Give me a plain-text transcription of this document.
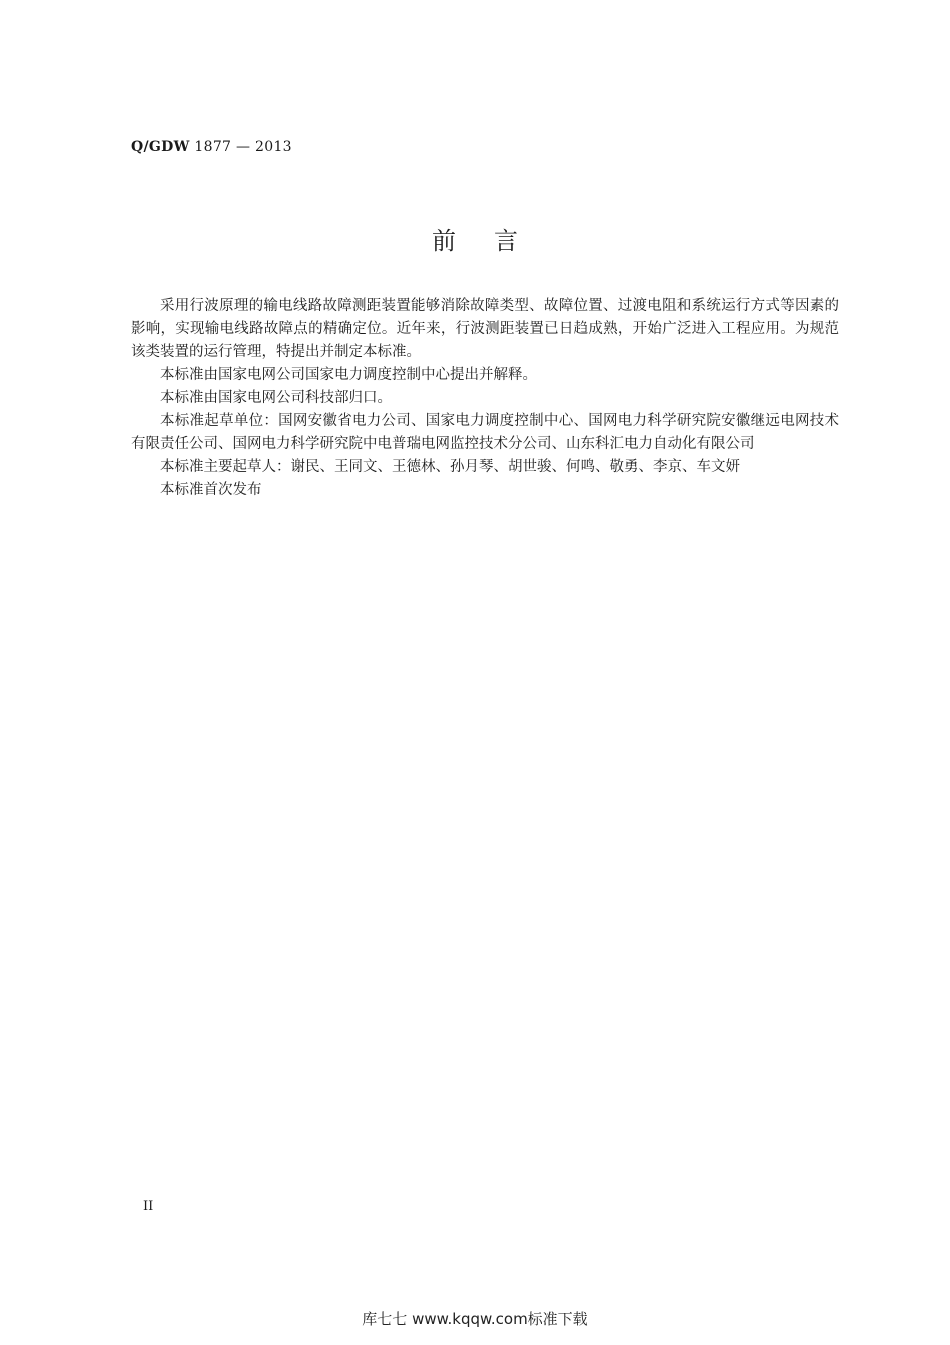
Q/GDW 1877 — 2013
前言

采用行波原理的输电线路故障测距装置能够消除故障类型、故障位置、过渡电阻和系统运行方式等因素的影响，实现输电线路故障点的精确定位。近年来，行波测距装置已日趋成熟，开始广泛进入工程应用。为规范该类装置的运行管理，特提出并制定本标准。

本标准由国家电网公司国家电力调度控制中心提出并解释。

本标准由国家电网公司科技部归口。

本标准起草单位：国网安徽省电力公司、国家电力调度控制中心、国网电力科学研究院安徽继远电网技术有限责任公司、国网电力科学研究院中电普瑞电网监控技术分公司、山东科汇电力自动化有限公司

本标准主要起草人：谢民、王同文、王德林、孙月琴、胡世骏、何鸣、敬勇、李京、车文妍

本标准首次发布

II
库七七 www.kqqw.com标准下载
